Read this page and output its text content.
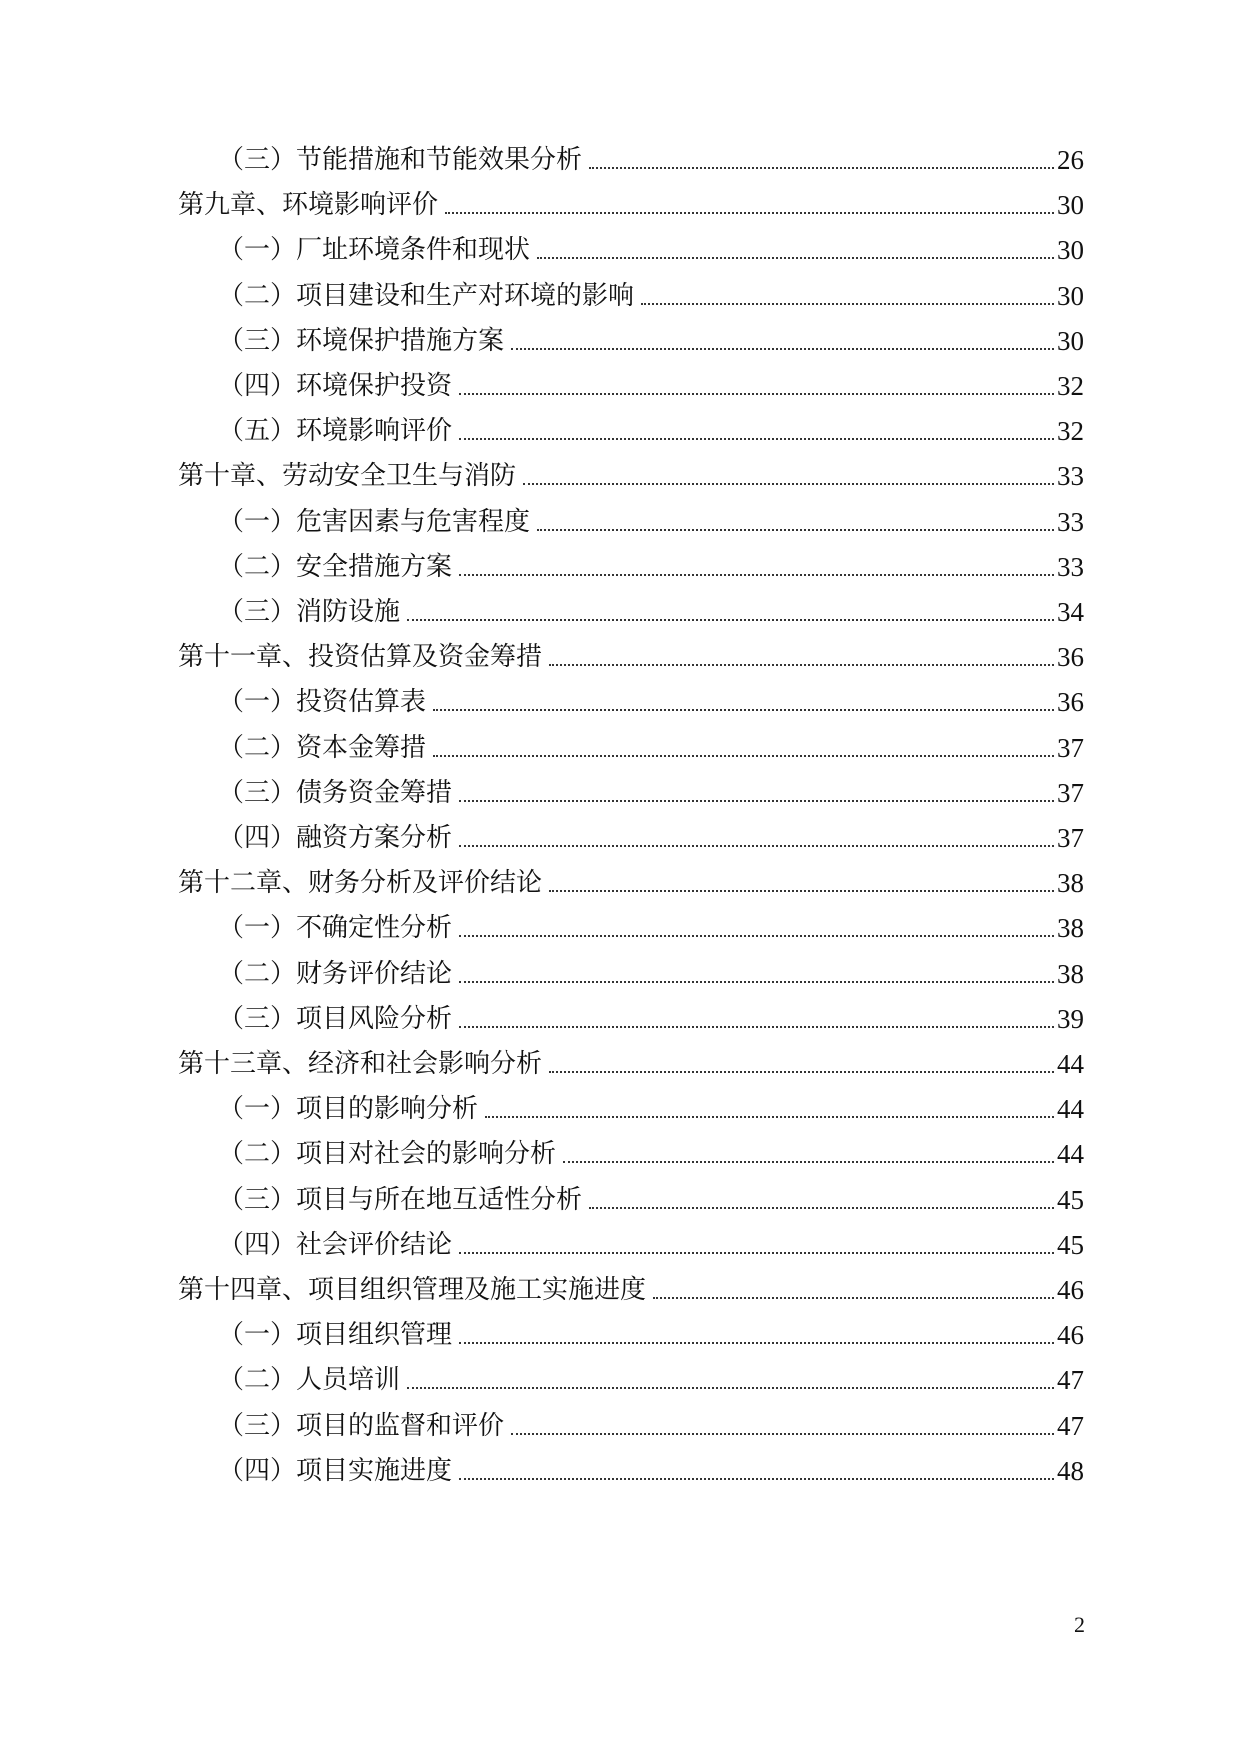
（三）节能措施和节能效果分析	26
第九章、环境影响评价	30
（一）厂址环境条件和现状	30
（二）项目建设和生产对环境的影响	30
（三）环境保护措施方案	30
（四）环境保护投资	32
（五）环境影响评价	32
第十章、劳动安全卫生与消防	33
（一）危害因素与危害程度	33
（二）安全措施方案	33
（三）消防设施	34
第十一章、投资估算及资金筹措	36
（一）投资估算表	36
（二）资本金筹措	37
（三）债务资金筹措	37
（四）融资方案分析	37
第十二章、财务分析及评价结论	38
（一）不确定性分析	38
（二）财务评价结论	38
（三）项目风险分析	39
第十三章、经济和社会影响分析	44
（一）项目的影响分析	44
（二）项目对社会的影响分析	44
（三）项目与所在地互适性分析	45
（四）社会评价结论	45
第十四章、项目组织管理及施工实施进度	46
（一）项目组织管理	46
（二）人员培训	47
（三）项目的监督和评价	47
（四）项目实施进度	48
2
